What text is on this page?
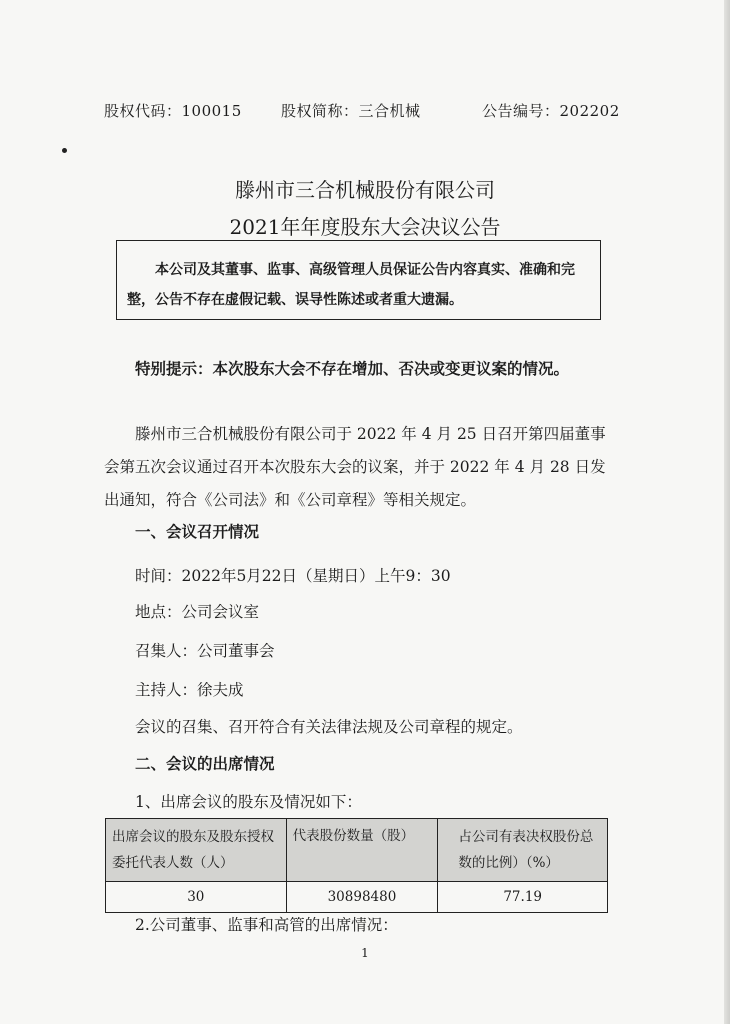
股权代码：100015	股权简称：三合机械	公告编号：202202
滕州市三合机械股份有限公司
2021年年度股东大会决议公告
本公司及其董事、监事、高级管理人员保证公告内容真实、准确和完
整，公告不存在虚假记载、误导性陈述或者重大遗漏。
特别提示：本次股东大会不存在增加、否决或变更议案的情况。
滕州市三合机械股份有限公司于 2022 年 4 月 25 日召开第四届董事会第五次会议通过召开本次股东大会的议案，并于 2022 年 4 月 28 日发出通知，符合《公司法》和《公司章程》等相关规定。
一、会议召开情况
时间：2022年5月22日（星期日）上午9：30
地点：公司会议室
召集人：公司董事会
主持人：徐夫成
会议的召集、召开符合有关法律法规及公司章程的规定。
二、会议的出席情况
1、出席会议的股东及情况如下：
出席会议的股东及股东授权委托代表人数（人）	代表股份数量（股）	占公司有表决权股份总数的比例）（%）
30	30898480	77.19
2.公司董事、监事和高管的出席情况：
1
